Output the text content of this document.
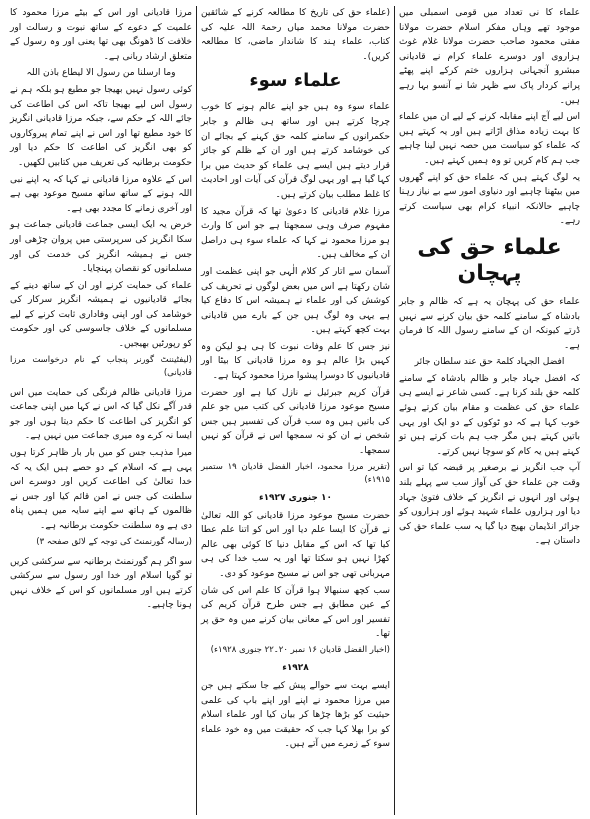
علماء کا نی تعداد میں قومی اسمبلی میں موجود تھے وہاں مفکر اسلام حضرت مولانا مفتی محمود صاحب حضرت مولانا غلام غوث ہزاروی اور دوسرے علماء کرام نے قادیانی مبشرو آنجہانی ہزاروں ختم کرکے اپنے پھٹے پرانے کردار پاک سے ظہر شا نے آنسو بہا رہے ہیں۔

اس لیے آج اپنے مقابلہ کرنے کے لیے ان میں علماء کا بہت زیادہ مذاق اڑاتے ہیں اور یہ کہتے ہیں کہ علماء کو سیاست میں حصہ نہیں لینا چاہیے جب ہم کام کریں تو وہ ہمیں کہتے ہیں۔

یہ لوگ کہتے ہیں کہ علماء حق کو اپنے گھروں میں بیٹھنا چاہیے اور دنیاوی امور سے بے نیاز رہنا چاہیے حالانکہ انبیاء کرام بھی سیاست کرتے رہے۔

علماء حق کی پہچان

علماء حق کی پہچان یہ ہے کہ ظالم و جابر بادشاہ کے سامنے کلمہ حق بیان کرنے سے نہیں ڈرتے کیونکہ ان کے سامنے رسول اللہ کا فرمان ہے۔

افضل الجہاد کلمۃ حق عند سلطان جائر

کہ افضل جہاد جابر و ظالم بادشاہ کے سامنے کلمہ حق بلند کرنا ہے۔ کسی شاعر نے ایسے ہی علماء حق کی عظمت و مقام بیان کرتے ہوئے خوب کہا ہے کہ دو ٹوکوں کے دو ایک اور یہی باتیں کہتے ہیں مگر جب ہم بات کرتے ہیں تو کہتے ہیں یہ کام کو سوچا نہیں کرتے۔

آپ جب انگریز نے برصغیر پر قبضہ کیا تو اس وقت جن علماء حق کی آواز سب سے پہلے بلند ہوئی اور انہوں نے انگریز کے خلاف فتویٰ جہاد دیا اور ہزاروں علماء شہید ہوئے اور ہزاروں کو جزائر انڈیمان بھیج دیا گیا یہ سب علماء حق کی داستان ہے۔

(علماء حق کی تاریخ کا مطالعہ کرنے کے شائقین حضرت مولانا محمد میاں رحمۃ اللہ علیہ کی کتاب، علماء ہند کا شاندار ماضی، کا مطالعہ کریں)۔

علماء سوء

علماء سوء وہ ہیں جو اپنے عالم ہونے کا خوب چرچا کرتے ہیں اور ساتھ ہی ظالم و جابر حکمرانوں کے سامنے کلمہ حق کہنے کے بجائے ان کی خوشامد کرتے ہیں اور ان کے ظلم کو جائز قرار دیتے ہیں ایسے ہی علماء کو حدیث میں برا کہا گیا ہے اور یہی لوگ قرآن کی آیات اور احادیث کا غلط مطلب بیان کرتے ہیں۔

مرزا غلام قادیانی کا دعویٰ تھا کہ قرآن مجید کا مفہوم صرف وہی سمجھتا ہے جو اس کا وارث ہو مرزا محمود نے کہا کہ علماء سوء ہی دراصل ان کے مخالف ہیں۔

آسمان سے اتار کر کلام الٰہی جو اپنی عظمت اور شان رکھتا ہے اس میں بعض لوگوں نے تحریف کی کوشش کی اور علماء نے ہمیشہ اس کا دفاع کیا ہے یہی وہ لوگ ہیں جن کے بارے میں قادیانی بہت کچھ کہتے ہیں۔

نیز جس کا علم وفات نبوت کا ہی ہو لیکن وہ کہیں بڑا عالم ہو وہ مرزا قادیانی کا بیٹا اور قادیانیوں کا دوسرا پیشوا مرزا محمود کہتا ہے۔

قرآن کریم جبرئیل نے نازل کیا ہے اور حضرت مسیح موعود مرزا قادیانی کی کتب میں جو علم کی باتیں ہیں وہ سب قرآن کی تفسیر ہیں جس شخص نے ان کو نہ سمجھا اس نے قرآن کو نہیں سمجھا۔

(تقریر مرزا محمود، اخبار الفضل قادیان ۱۹ ستمبر ۱۹۱۵ء)

۱۰ جنوری ۱۹۲۷ء

حضرت مسیح موعود مرزا قادیانی کو اللہ تعالیٰ نے قرآن کا ایسا علم دیا اور اس کو اتنا علم عطا کیا تھا کہ اس کے مقابل دنیا کا کوئی بھی عالم کھڑا نہیں ہو سکتا تھا اور یہ سب خدا کی ہی مہربانی تھی جو اس نے مسیح موعود کو دی۔

سب کچھ سنبھالا ہوا قرآن کا علم اس کی شان کے عین مطابق ہے جس طرح قرآن کریم کی تفسیر اور اس کے معانی بیان کرنے میں وہ حق پر تھا۔

(اخبار الفضل قادیان ۱۶ نمبر ۲۰۔۲۲ جنوری ۱۹۲۸ء)

۱۹۲۸ء

ایسے بہت سے حوالے پیش کیے جا سکتے ہیں جن میں مرزا محمود نے اپنے اور اپنے باپ کی علمی حیثیت کو بڑھا چڑھا کر بیان کیا اور علماء اسلام کو برا بھلا کہا جب کہ حقیقت میں وہ خود علماء سوء کے زمرے میں آتے ہیں۔

مرزا قادیانی اور اس کے بیٹے مرزا محمود کا علمیت کے دعوے کے ساتھ نبوت و رسالت اور خلافت کا ڈھونگ بھی تھا یعنی اور وہ رسول کے متعلق ارشاد ربانی ہے۔

وما ارسلنا من رسول الا لیطاع باذن اللہ

کوئی رسول نہیں بھیجا جو مطیع ہو بلکہ ہم نے رسول اس لیے بھیجا تاکہ اس کی اطاعت کی جائے اللہ کے حکم سے، جبکہ مرزا قادیانی انگریز کا خود مطیع تھا اور اس نے اپنے تمام پیروکاروں کو بھی انگریز کی اطاعت کا حکم دیا اور حکومت برطانیہ کی تعریف میں کتابیں لکھیں۔

اس کے علاوہ مرزا قادیانی نے کہا کہ یہ اپنے نبی اللہ ہونے کے ساتھ ساتھ مسیح موعود بھی ہے اور آخری زمانے کا مجدد بھی ہے۔

خرض یہ ایک ایسی جماعت قادیانی جماعت ہو سکا انگریز کی سرپرستی میں پروان چڑھی اور جس نے ہمیشہ انگریز کی خدمت کی اور مسلمانوں کو نقصان پہنچایا۔

علماء کی حمایت کرنے اور ان کے ساتھ دینے کے بجائے قادیانیوں نے ہمیشہ انگریز سرکار کی خوشامد کی اور اپنی وفاداری ثابت کرنے کے لیے مسلمانوں کے خلاف جاسوسی کی اور حکومت کو رپورٹیں بھیجیں۔

(لیفٹیننٹ گورنر پنجاب کے نام درخواست مرزا قادیانی)

مرزا قادیانی ظالم فرنگی کی حمایت میں اس قدر آگے نکل گیا کہ اس نے کہا میں اپنی جماعت کو انگریز کی اطاعت کا حکم دیتا ہوں اور جو ایسا نہ کرے وہ میری جماعت میں نہیں ہے۔

میرا مذہب جس کو میں بار بار ظاہر کرتا ہوں یہی ہے کہ اسلام کے دو حصے ہیں ایک یہ کہ خدا تعالیٰ کی اطاعت کریں اور دوسرے اس سلطنت کی جس نے امن قائم کیا اور جس نے ظالموں کے ہاتھ سے اپنے سایہ میں ہمیں پناہ دی ہے وہ سلطنت حکومت برطانیہ ہے۔

(رسالہ گورنمنٹ کی توجہ کے لائق صفحہ ۳)

سو اگر ہم گورنمنٹ برطانیہ سے سرکشی کریں تو گویا اسلام اور خدا اور رسول سے سرکشی کرتے ہیں اور مسلمانوں کو اس کے خلاف نہیں ہونا چاہیے۔
